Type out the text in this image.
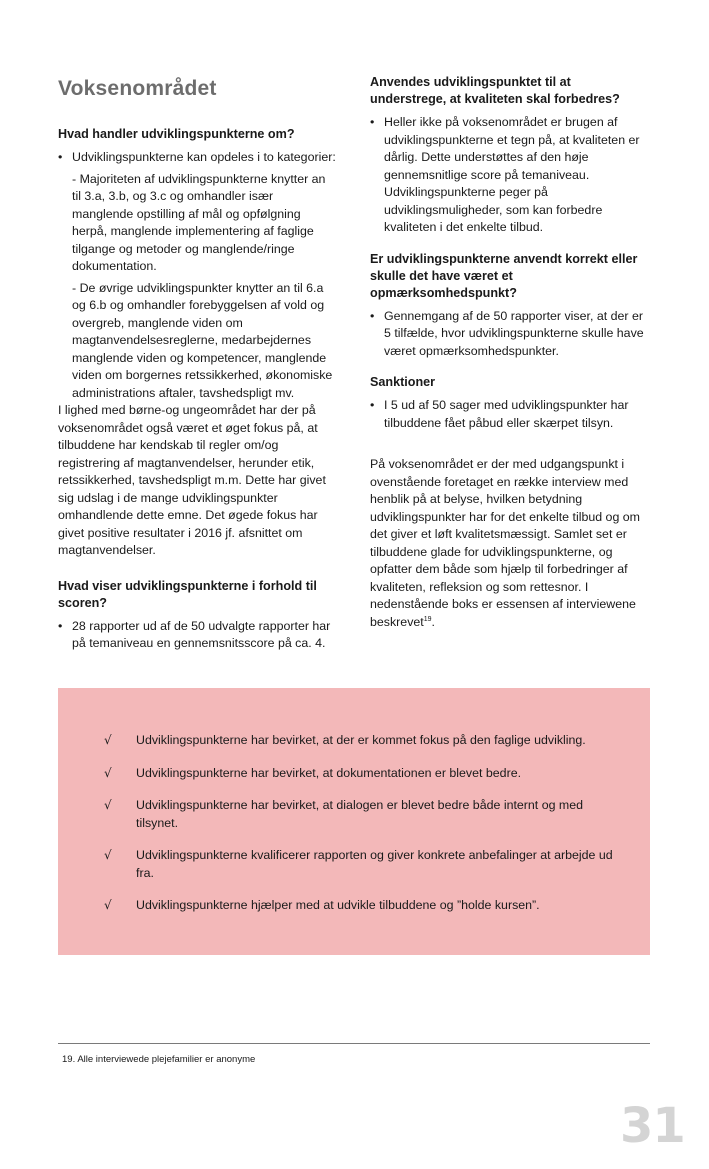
Voksenområdet
Hvad handler udviklingspunkterne om?
• Udviklingspunkterne kan opdeles i to kategorier:

- Majoriteten af udviklingspunkterne knytter an til 3.a, 3.b, og 3.c og omhandler især manglende opstilling af mål og opfølgning herpå, manglende implementering af faglige tilgange og metoder og manglende/ringe dokumentation.

- De øvrige udviklingspunkter knytter an til 6.a og 6.b og omhandler forebyggelsen af vold og overgreb, manglende viden om magtanvendelsesreglerne, medarbejdernes manglende viden og kompetencer, manglende viden om borgernes retssikkerhed, økonomiske administrations aftaler, tavshedspligt mv.

I lighed med børne-og ungeområdet har der på voksenområdet også været et øget fokus på, at tilbuddene har kendskab til regler om/og registrering af magtanvendelser, herunder etik, retssikkerhed, tavshedspligt m.m. Dette har givet sig udslag i de mange udviklingspunkter omhandlende dette emne. Det øgede fokus har givet positive resultater i 2016 jf. afsnittet om magtanvendelser.

Hvad viser udviklingspunkterne i forhold til scoren?
• 28 rapporter ud af de 50 udvalgte rapporter har på temaniveau en gennemsnitsscore på ca. 4.
Anvendes udviklingspunktet til at understrege, at kvaliteten skal forbedres?
• Heller ikke på voksenområdet er brugen af udviklingspunkterne et tegn på, at kvaliteten er dårlig. Dette understøttes af den høje gennemsnitlige score på temaniveau. Udviklingspunkterne peger på udviklingsmuligheder, som kan forbedre kvaliteten i det enkelte tilbud.
Er udviklingspunkterne anvendt korrekt eller skulle det have været et opmærksomhedspunkt?
• Gennemgang af de 50 rapporter viser, at der er 5 tilfælde, hvor udviklingspunkterne skulle have været opmærksomhedspunkter.
Sanktioner
• I 5 ud af 50 sager med udviklingspunkter har tilbuddene fået påbud eller skærpet tilsyn.

På voksenområdet er der med udgangspunkt i ovenstående foretaget en række interview med henblik på at belyse, hvilken betydning udviklingspunkter har for det enkelte tilbud og om det giver et løft kvalitetsmæssigt. Samlet set er tilbuddene glade for udviklingspunkterne, og opfatter dem både som hjælp til forbedringer af kvaliteten, refleksion og som rettesnor. I nedenstående boks er essensen af interviewene beskrevet$^{19}$.

√ Udviklingspunkterne har bevirket, at der er kommet fokus på den faglige udvikling.
√ Udviklingspunkterne har bevirket, at dokumentationen er blevet bedre.
√ Udviklingspunkterne har bevirket, at dialogen er blevet bedre både internt og med tilsynet.
√ Udviklingspunkterne kvalificerer rapporten og giver konkrete anbefalinger at arbejde ud fra.
√ Udviklingspunkterne hjælper med at udvikle tilbuddene og ”holde kursen”.
19. Alle interviewede plejefamilier er anonyme
31
